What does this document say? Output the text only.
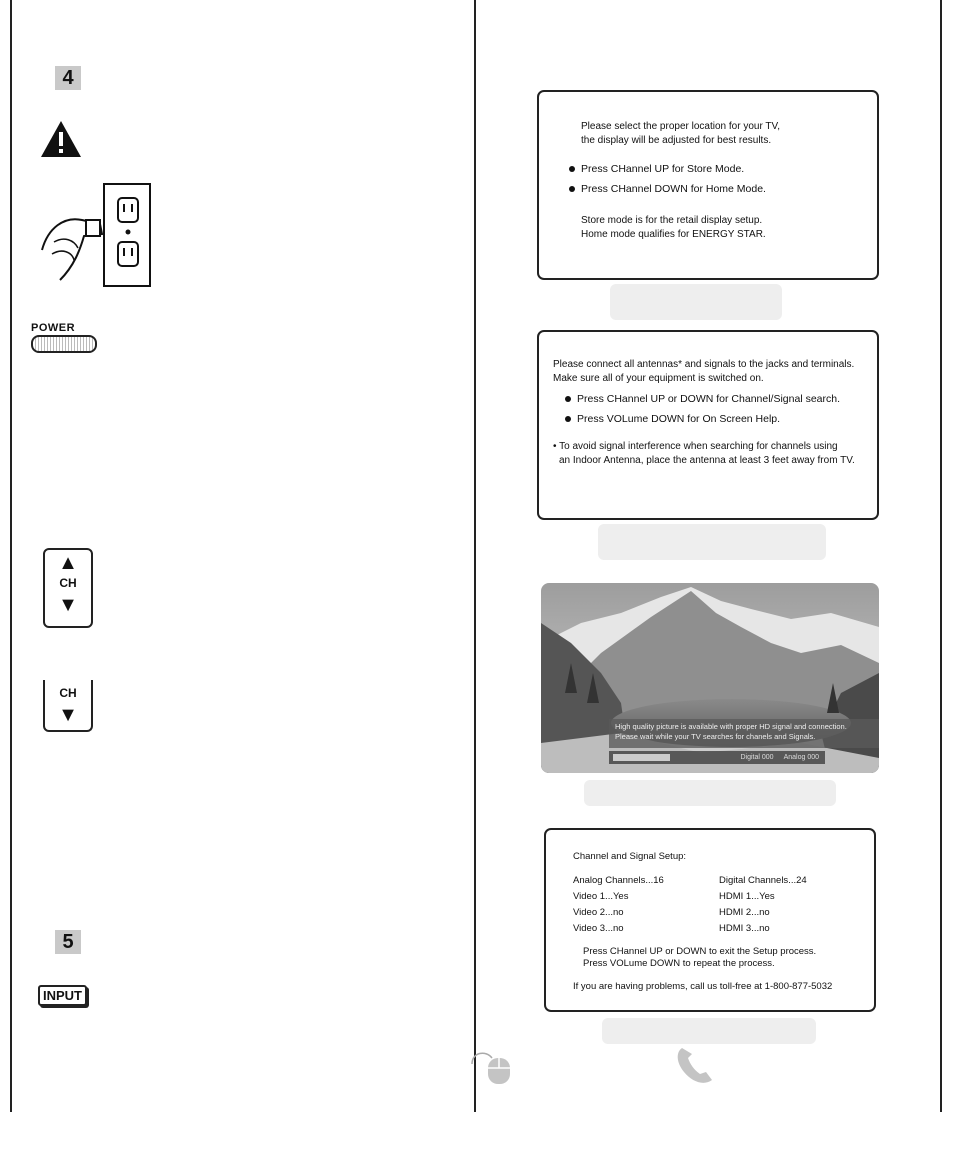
4
POWER
▲
CH
▼
CH
▼
5
INPUT

Please select the proper location for your TV,

the display will be adjusted for best results.

Press CHannel UP for Store Mode.
Press CHannel DOWN for Home Mode.

Store mode is for the retail display setup.

Home mode qualifies for ENERGY STAR.

Please connect all antennas* and signals to the jacks and terminals.

Make sure all of your equipment is switched on.

Press CHannel UP or DOWN for Channel/Signal search.
Press VOLume DOWN for On Screen Help.

• To avoid signal interference when searching for channels using

an Indoor Antenna, place the antenna at least 3 feet away from TV.

High quality picture is available with proper HD signal and connection.
Please wait while your TV searches for chanels and Signals.
Digital 000 Analog 000

Channel and Signal Setup:

Analog Channels...16	Digital Channels...24
Video 1...Yes	HDMI 1...Yes
Video 2...no	HDMI 2...no
Video 3...no	HDMI 3...no

Press CHannel UP or DOWN to exit the Setup process.

Press VOLume DOWN to repeat the process.

If you are having problems, call us toll-free at 1-800-877-5032
